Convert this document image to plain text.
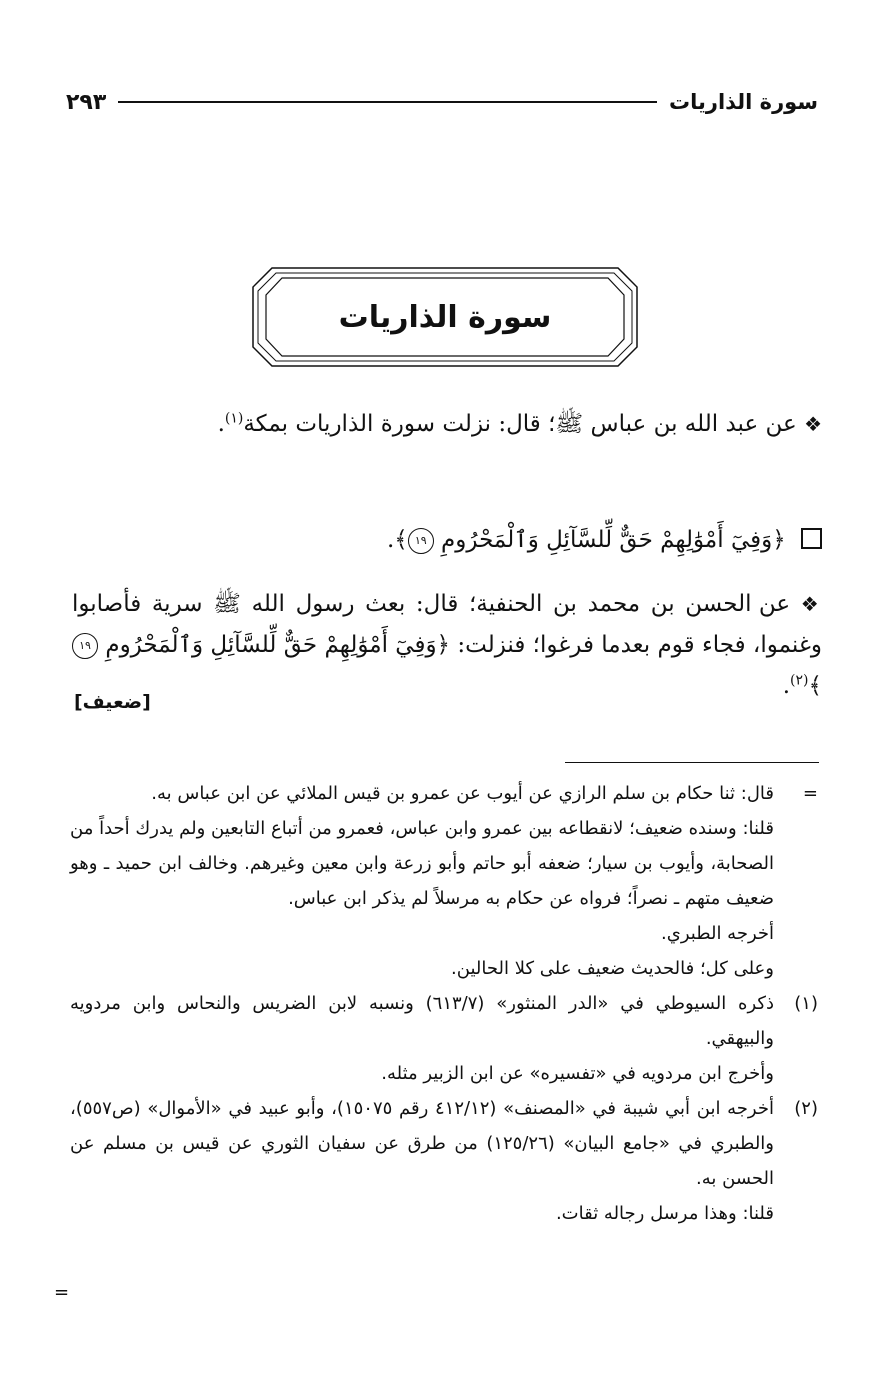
سورة الذاريات
٢٩٣
سورة الذاريات
❖ عن عبد الله بن عباس ﷺ؛ قال: نزلت سورة الذاريات بمكة$^{(١)}$.
﴿وَفِيٓ أَمْوَٰلِهِمْ حَقٌّ لِّلسَّآئِلِ وَٱلْمَحْرُومِ ١٩﴾.
❖ عن الحسن بن محمد بن الحنفية؛ قال: بعث رسول الله ﷺ سرية فأصابوا وغنموا، فجاء قوم بعدما فرغوا؛ فنزلت: ﴿وَفِيٓ أَمْوَٰلِهِمْ حَقٌّ لِّلسَّآئِلِ وَٱلْمَحْرُومِ ١٩﴾$^{(٢)}$.
[ضعيف]
=
قال: ثنا حكام بن سلم الرازي عن أيوب عن عمرو بن قيس الملائي عن ابن عباس به.
قلنا: وسنده ضعيف؛ لانقطاعه بين عمرو وابن عباس، فعمرو من أتباع التابعين ولم يدرك أحداً من الصحابة، وأيوب بن سيار؛ ضعفه أبو حاتم وأبو زرعة وابن معين وغيرهم. وخالف ابن حميد ـ وهو ضعيف متهم ـ نصراً؛ فرواه عن حكام به مرسلاً لم يذكر ابن عباس.
أخرجه الطبري.
وعلى كل؛ فالحديث ضعيف على كلا الحالين.
(١)
ذكره السيوطي في «الدر المنثور» (٦١٣/٧) ونسبه لابن الضريس والنحاس وابن مردويه والبيهقي.
وأخرج ابن مردويه في «تفسيره» عن ابن الزبير مثله.
(٢)
أخرجه ابن أبي شيبة في «المصنف» (٤١٢/١٢ رقم ١٥٠٧٥)، وأبو عبيد في «الأموال» (ص٥٥٧)، والطبري في «جامع البيان» (١٢٥/٢٦) من طرق عن سفيان الثوري عن قيس بن مسلم عن الحسن به.
قلنا: وهذا مرسل رجاله ثقات.
=
